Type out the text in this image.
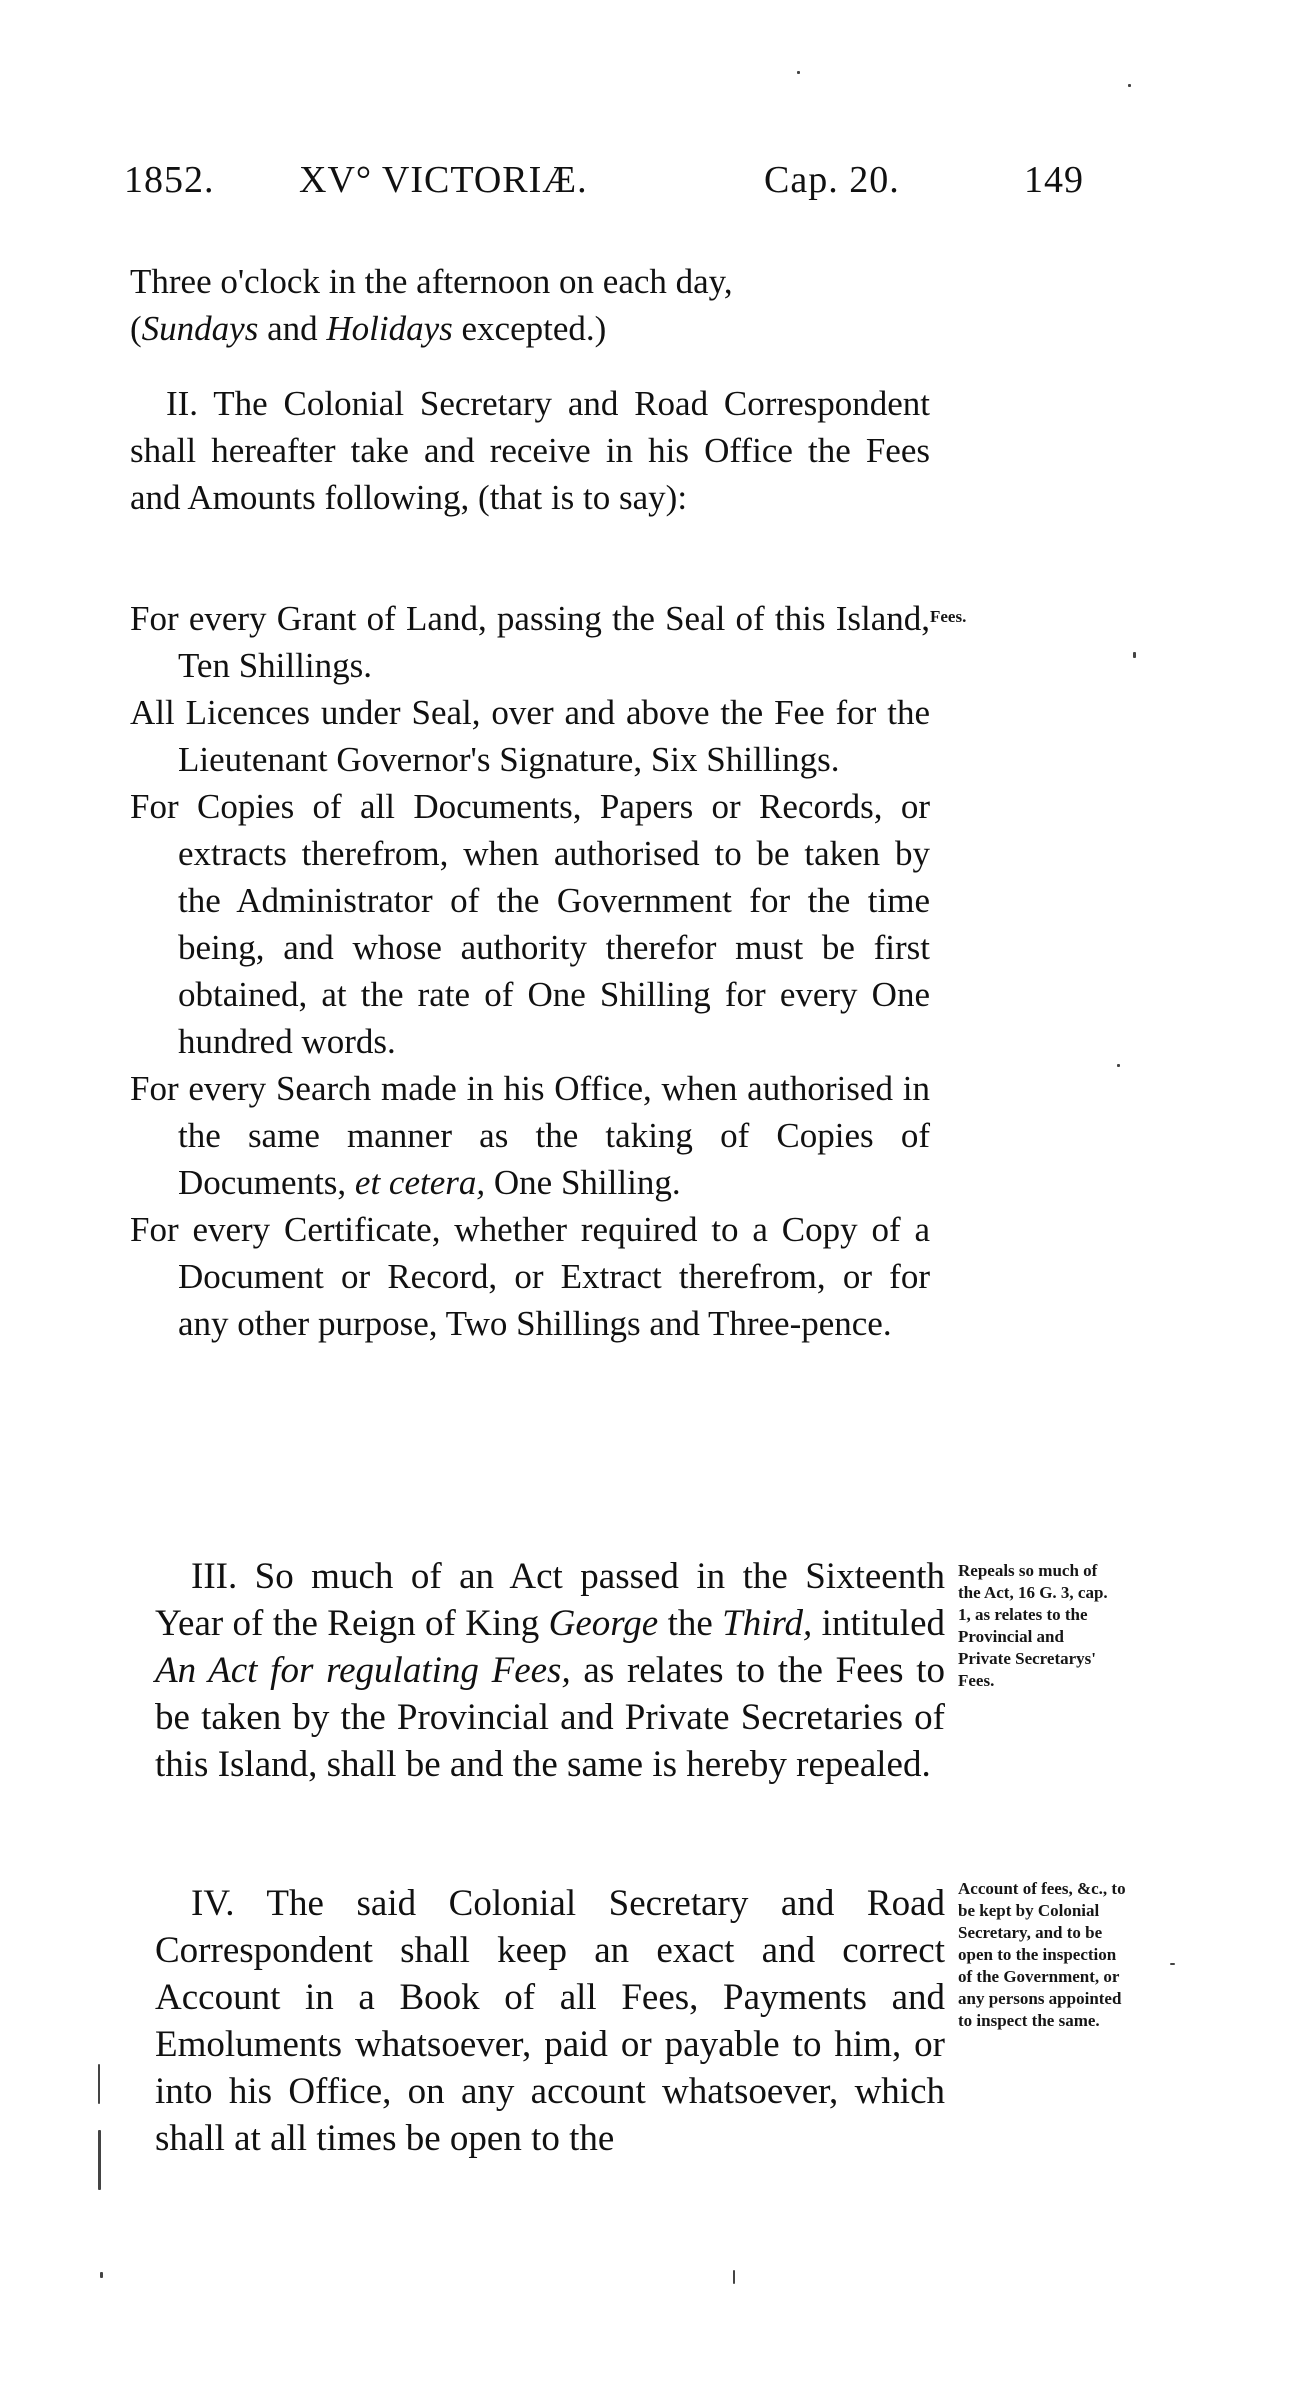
1852. XV° VICTORIÆ.	Cap. 20.	149

Three o'clock in the afternoon on each day,

(Sundays and Holidays excepted.)

II. The Colonial Secretary and Road Correspondent shall hereafter take and receive in his Office the Fees and Amounts following, (that is to say):

For every Grant of Land, passing the Seal of this Island, Ten Shillings.

All Licences under Seal, over and above the Fee for the Lieutenant Governor's Signature, Six Shillings.

For Copies of all Documents, Papers or Records, or extracts therefrom, when authorised to be taken by the Administrator of the Government for the time being, and whose authority therefor must be first obtained, at the rate of One Shilling for every One hundred words.

For every Search made in his Office, when authorised in the same manner as the taking of Copies of Documents, et cetera, One Shilling.

For every Certificate, whether required to a Copy of a Document or Record, or Extract therefrom, or for any other purpose, Two Shillings and Three-pence.

Fees.

III. So much of an Act passed in the Sixteenth Year of the Reign of King George the Third, intituled An Act for regulating Fees, as relates to the Fees to be taken by the Provincial and Private Secretaries of this Island, shall be and the same is hereby repealed.

Repeals so much of the Act, 16 G. 3, cap. 1, as relates to the Provincial and Private Secretarys' Fees.

IV. The said Colonial Secretary and Road Correspondent shall keep an exact and correct Account in a Book of all Fees, Payments and Emoluments whatsoever, paid or payable to him, or into his Office, on any account whatsoever, which shall at all times be open to the

Account of fees, &c., to be kept by Colonial Secretary, and to be open to the inspection of the Government, or any persons appointed to inspect the same.
